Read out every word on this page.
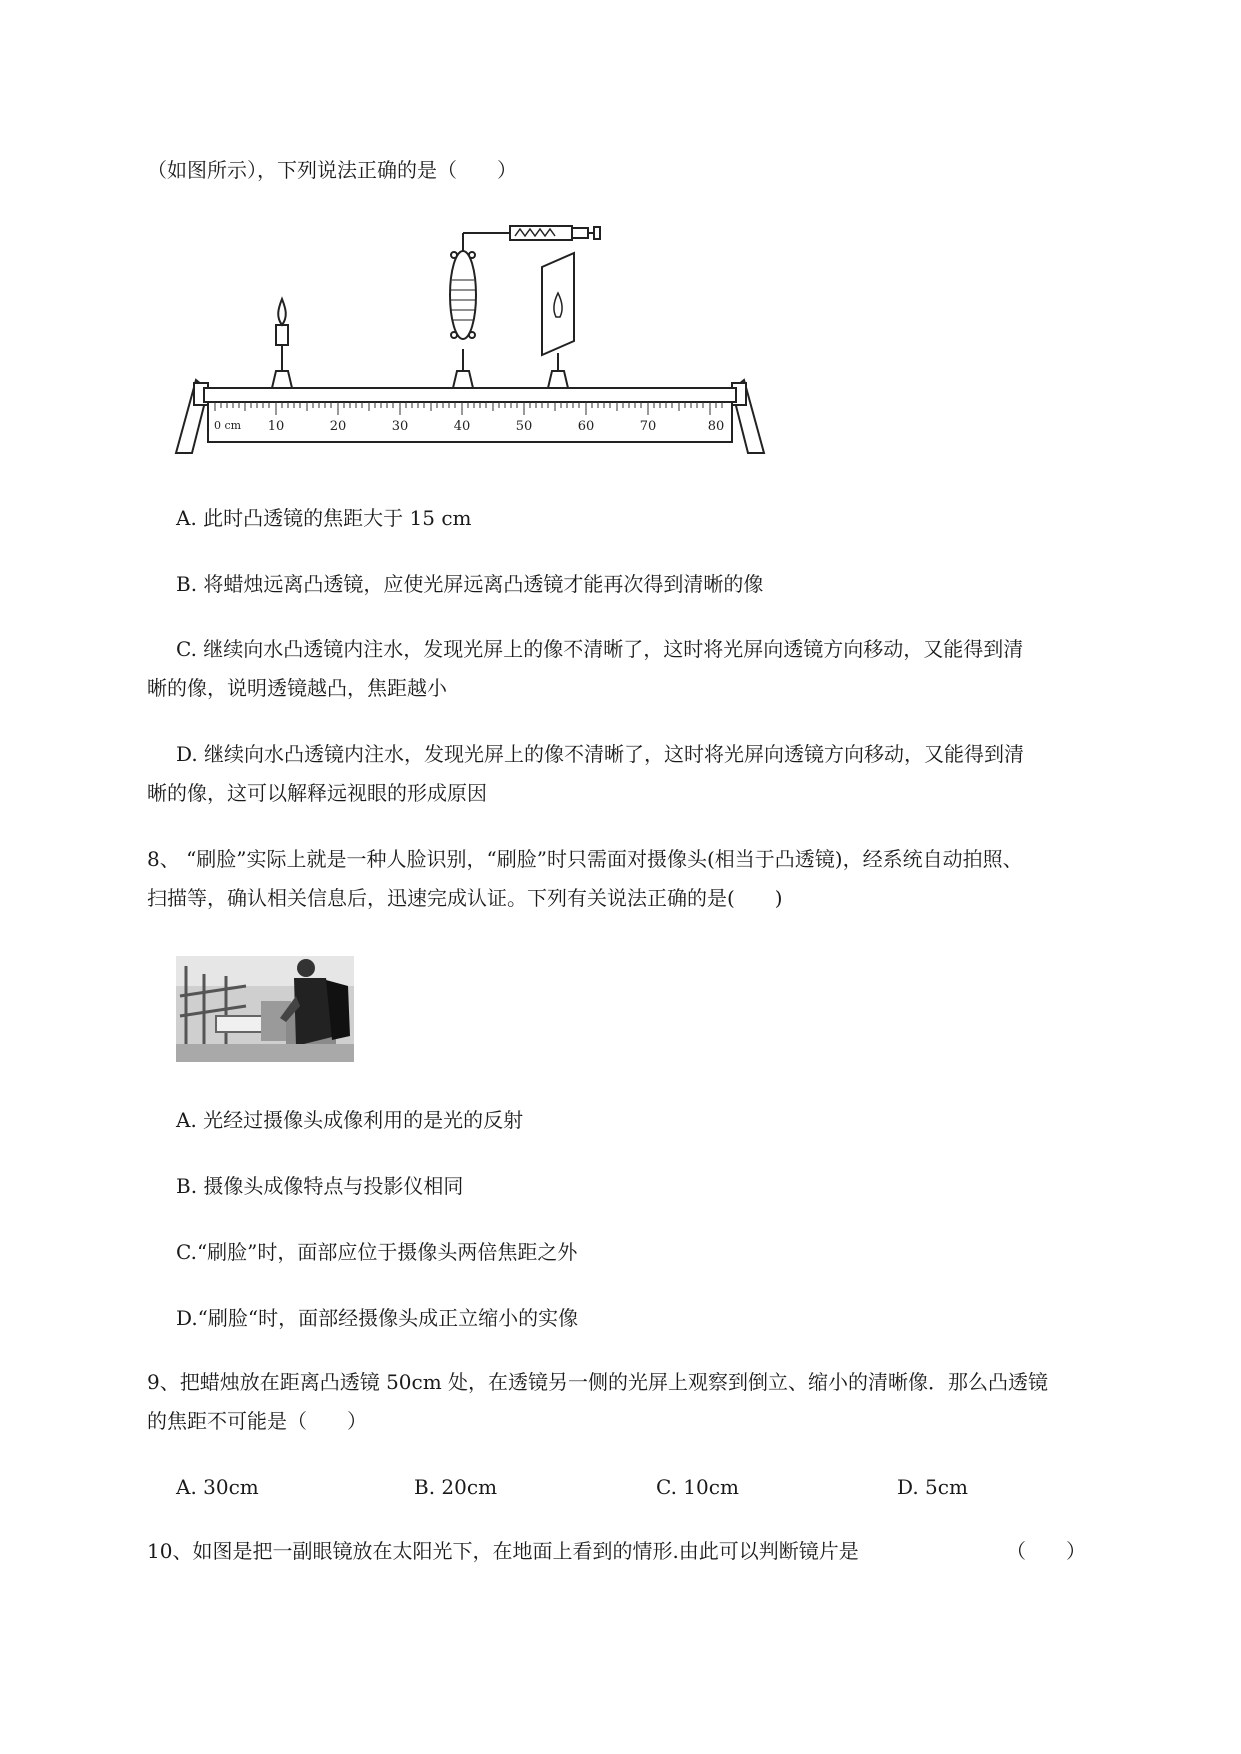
（如图所示），下列说法正确的是（　　）
0 cm 10	20	30	40	50	60	70	80
A. 此时凸透镜的焦距大于 15 cm
B. 将蜡烛远离凸透镜，应使光屏远离凸透镜才能再次得到清晰的像
C. 继续向水凸透镜内注水，发现光屏上的像不清晰了，这时将光屏向透镜方向移动，又能得到清
晰的像，说明透镜越凸，焦距越小
D. 继续向水凸透镜内注水，发现光屏上的像不清晰了，这时将光屏向透镜方向移动，又能得到清
晰的像，这可以解释远视眼的形成原因
8、 “刷脸”实际上就是一种人脸识别，“刷脸”时只需面对摄像头(相当于凸透镜)，经系统自动拍照、
扫描等，确认相关信息后，迅速完成认证。下列有关说法正确的是(　　)
A. 光经过摄像头成像利用的是光的反射
B. 摄像头成像特点与投影仪相同
C.“刷脸”时，面部应位于摄像头两倍焦距之外
D.“刷脸“时，面部经摄像头成正立缩小的实像
9、把蜡烛放在距离凸透镜 50cm 处，在透镜另一侧的光屏上观察到倒立、缩小的清晰像．那么凸透镜
的焦距不可能是（　　）
A. 30cm	B. 20cm	C. 10cm	D. 5cm
10、如图是把一副眼镜放在太阳光下，在地面上看到的情形.由此可以判断镜片是	（　　）
